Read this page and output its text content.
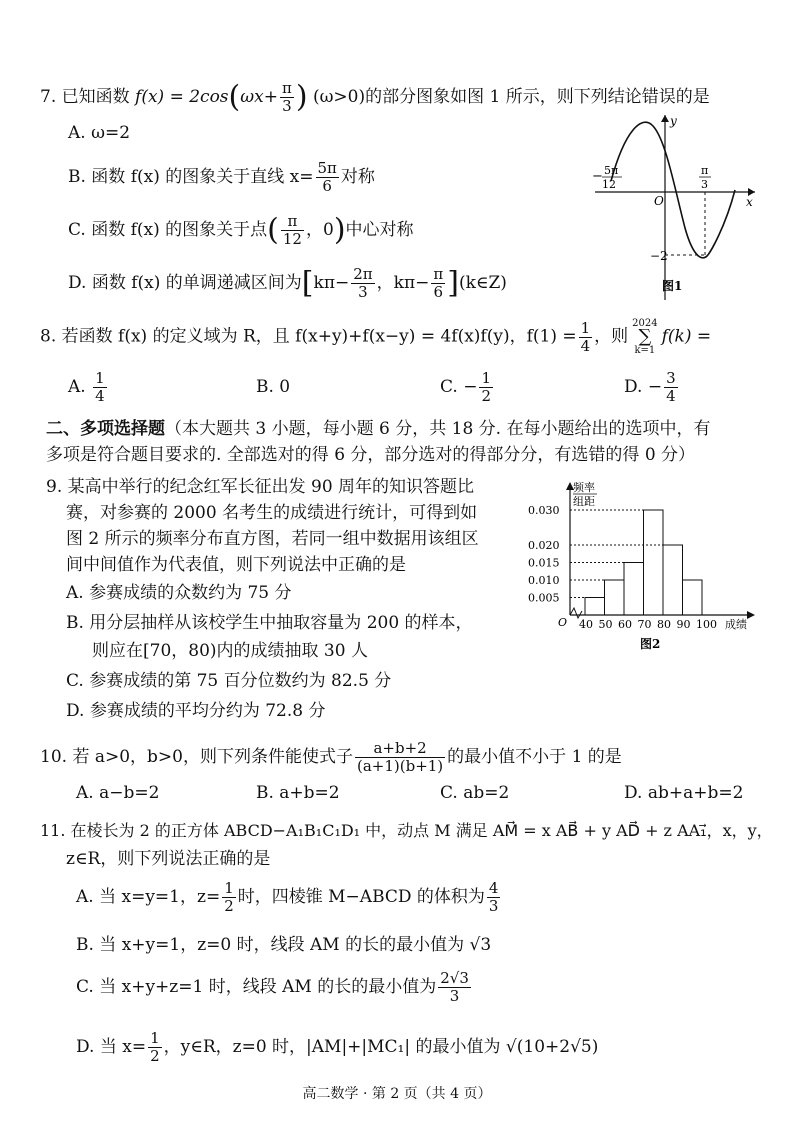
7. 已知函数 $f(x) = 2\cos(\omega x+ \frac{\pi}{3}$ ) (ω>0)的部分图象如图 1 所示，则下列结论错误的是
A. ω=2
B. 函数 f(x) 的图象关于直线 $x= \frac{5\pi}{6}$ 对称
C. 函数 f(x) 的图象关于点( $\frac{\pi}{12}$ ，0)中心对称
D. 函数 f(x) 的单调递减区间为[$k\pi- \frac{2\pi}{3}$ ，$k\pi- \frac{\pi}{6}$ ](k∈Z)
y
x
O
− 5π
12
π
3
−2
图1
8. 若函数 f(x) 的定义域为 R，且 f(x+y)+f(x−y) = 4f(x)f(y)，$f(1) = \frac{1}{4}$ ，则
2024
∑
k=1
f(k) =
A. $\frac{1}{4}$	B. 0	C. − $\frac{1}{2}$	D. − $\frac{3}{4}$
二、多项选择题（本大题共 3 小题，每小题 6 分，共 18 分. 在每小题给出的选项中，有
多项是符合题目要求的. 全部选对的得 6 分，部分选对的得部分分，有选错的得 0 分）
9. 某高中举行的纪念红军长征出发 90 周年的知识答题比
赛，对参赛的 2000 名考生的成绩进行统计，可得到如
图 2 所示的频率分布直方图，若同一组中数据用该组区
间中间值作为代表值，则下列说法中正确的是
A. 参赛成绩的众数约为 75 分
B. 用分层抽样从该校学生中抽取容量为 200 的样本，
则应在[70，80)内的成绩抽取 30 人
C. 参赛成绩的第 75 百分位数约为 82.5 分
D. 参赛成绩的平均分约为 72.8 分
0.005
0.010
0.015
0.020
0.030
40 50 60 70 80 90 100
频率
组距
O	成绩
图2
10. 若 a>0，b>0，则下列条件能使式子 $\frac{a+b+2}{(a+1)(b+1)}$ 的最小值不小于 1 的是
A. a−b=2	B. a+b=2	C. ab=2	D. ab+a+b=2
11. 在棱长为 2 的正方体 ABCD−A₁B₁C₁D₁ 中，动点 M 满足 AM⃗ = x AB⃗ + y AD⃗ + z AA₁⃗，x，y，
z∈R，则下列说法正确的是
A. 当 x=y=1，$z= \frac{1}{2}$ 时，四棱锥 M−ABCD 的体积为 $\frac{4}{3}$
B. 当 x+y=1，z=0 时，线段 AM 的长的最小值为 √3
C. 当 x+y+z=1 时，线段 AM 的长的最小值为 $\frac{2√3}{3}$
D. 当 $x= \frac{1}{2}$ ，y∈R，z=0 时，|AM|+|MC₁| 的最小值为 √(10+2√5)
高二数学 · 第 2 页（共 4 页）
